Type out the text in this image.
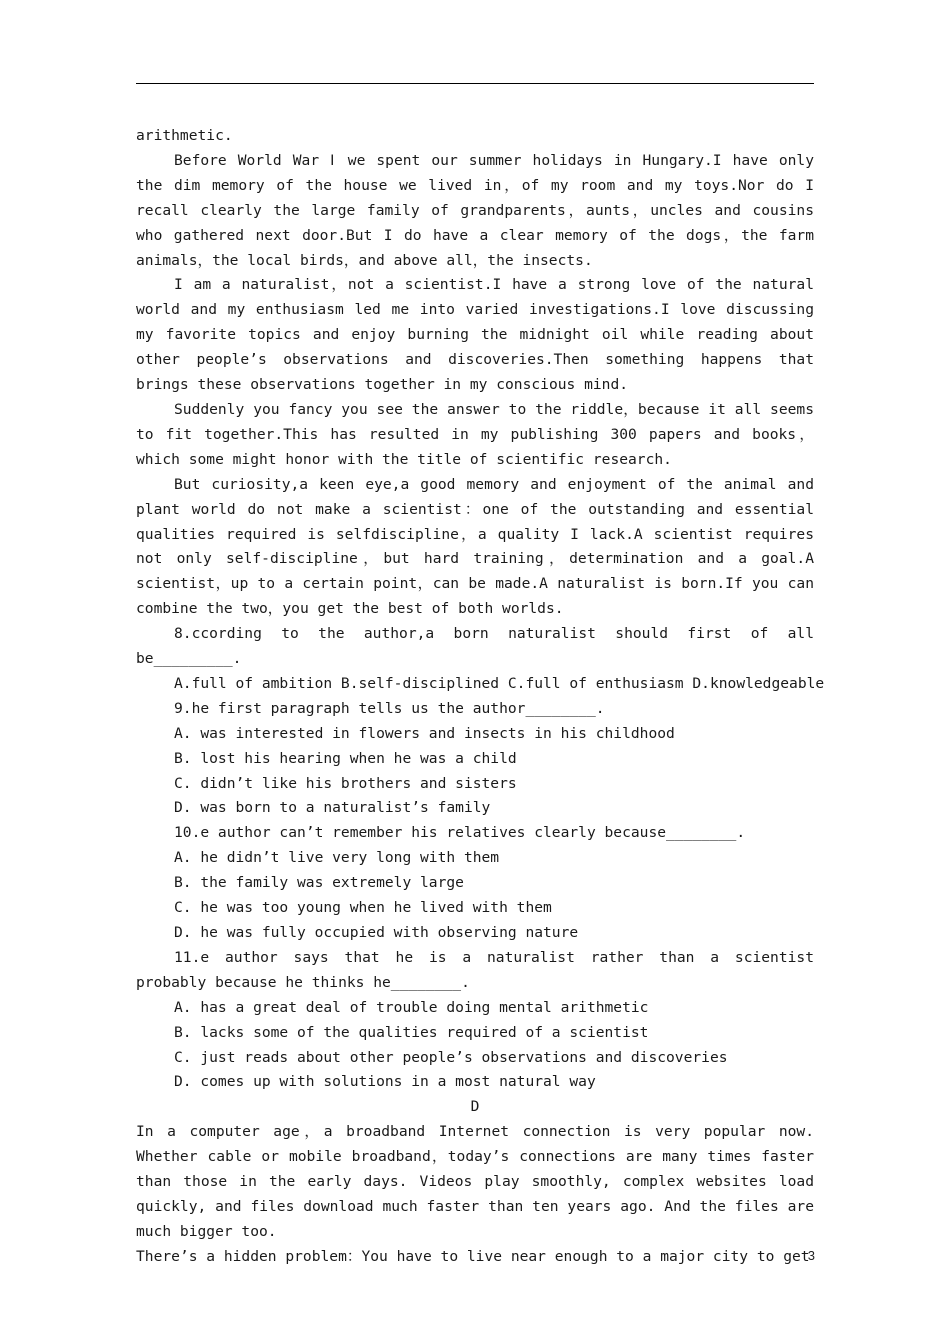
arithmetic.

Before World War Ⅰ we spent our summer holidays in Hungary.I have only the dim memory of the house we lived in，of my room and my toys.Nor do I recall clearly the large family of grandparents，aunts，uncles and cousins who gathered next door.But I do have a clear memory of the dogs，the farm animals，the local birds，and above all，the insects.

I am a naturalist，not a scientist.I have a strong love of the natural world and my enthusiasm led me into varied investigations.I love discussing my favorite topics and enjoy burning the midnight oil while reading about other people’s observations and discoveries.Then something happens that brings these observations together in my conscious mind.

Suddenly you fancy you see the answer to the riddle，because it all seems to fit together.This has resulted in my publishing 300 papers and books，which some might honor with the title of scientific research.

But curiosity,a keen eye,a good memory and enjoyment of the animal and plant world do not make a scientist：one of the outstanding and essential qualities required is selfdiscipline，a quality I lack.A scientist requires not only self-discipline，but hard training，determination and a goal.A scientist，up to a certain point，can be made.A naturalist is born.If you can combine the two，you get the best of both worlds.

8.ccording to the author,a born naturalist should first of all be_________.

A.full of ambition B.self-disciplined C.full of enthusiasm D.knowledgeable

9.he first paragraph tells us the author________.

A. was interested in flowers and insects in his childhood

B. lost his hearing when he was a child

C. didn’t like his brothers and sisters

D. was born to a naturalist’s family

10.e author can’t remember his relatives clearly because________.

A. he didn’t live very long with them

B. the family was extremely large

C. he was too young when he lived with them

D. he was fully occupied with observing nature

11.e author says that he is a naturalist rather than a scientist probably because he thinks he________.

A. has a great deal of trouble doing mental arithmetic

B. lacks some of the qualities required of a scientist

C. just reads about other people’s observations and discoveries

D. comes up with solutions in a most natural way

D

In a computer age，a broadband Internet connection is very popular now. Whether cable or mobile broadband，today’s connections are many times faster than those in the early days. Videos play smoothly, complex websites load quickly, and files download much faster than ten years ago. And the files are much bigger too.

There’s a hidden problem：You have to live near enough to a major city to get

3
